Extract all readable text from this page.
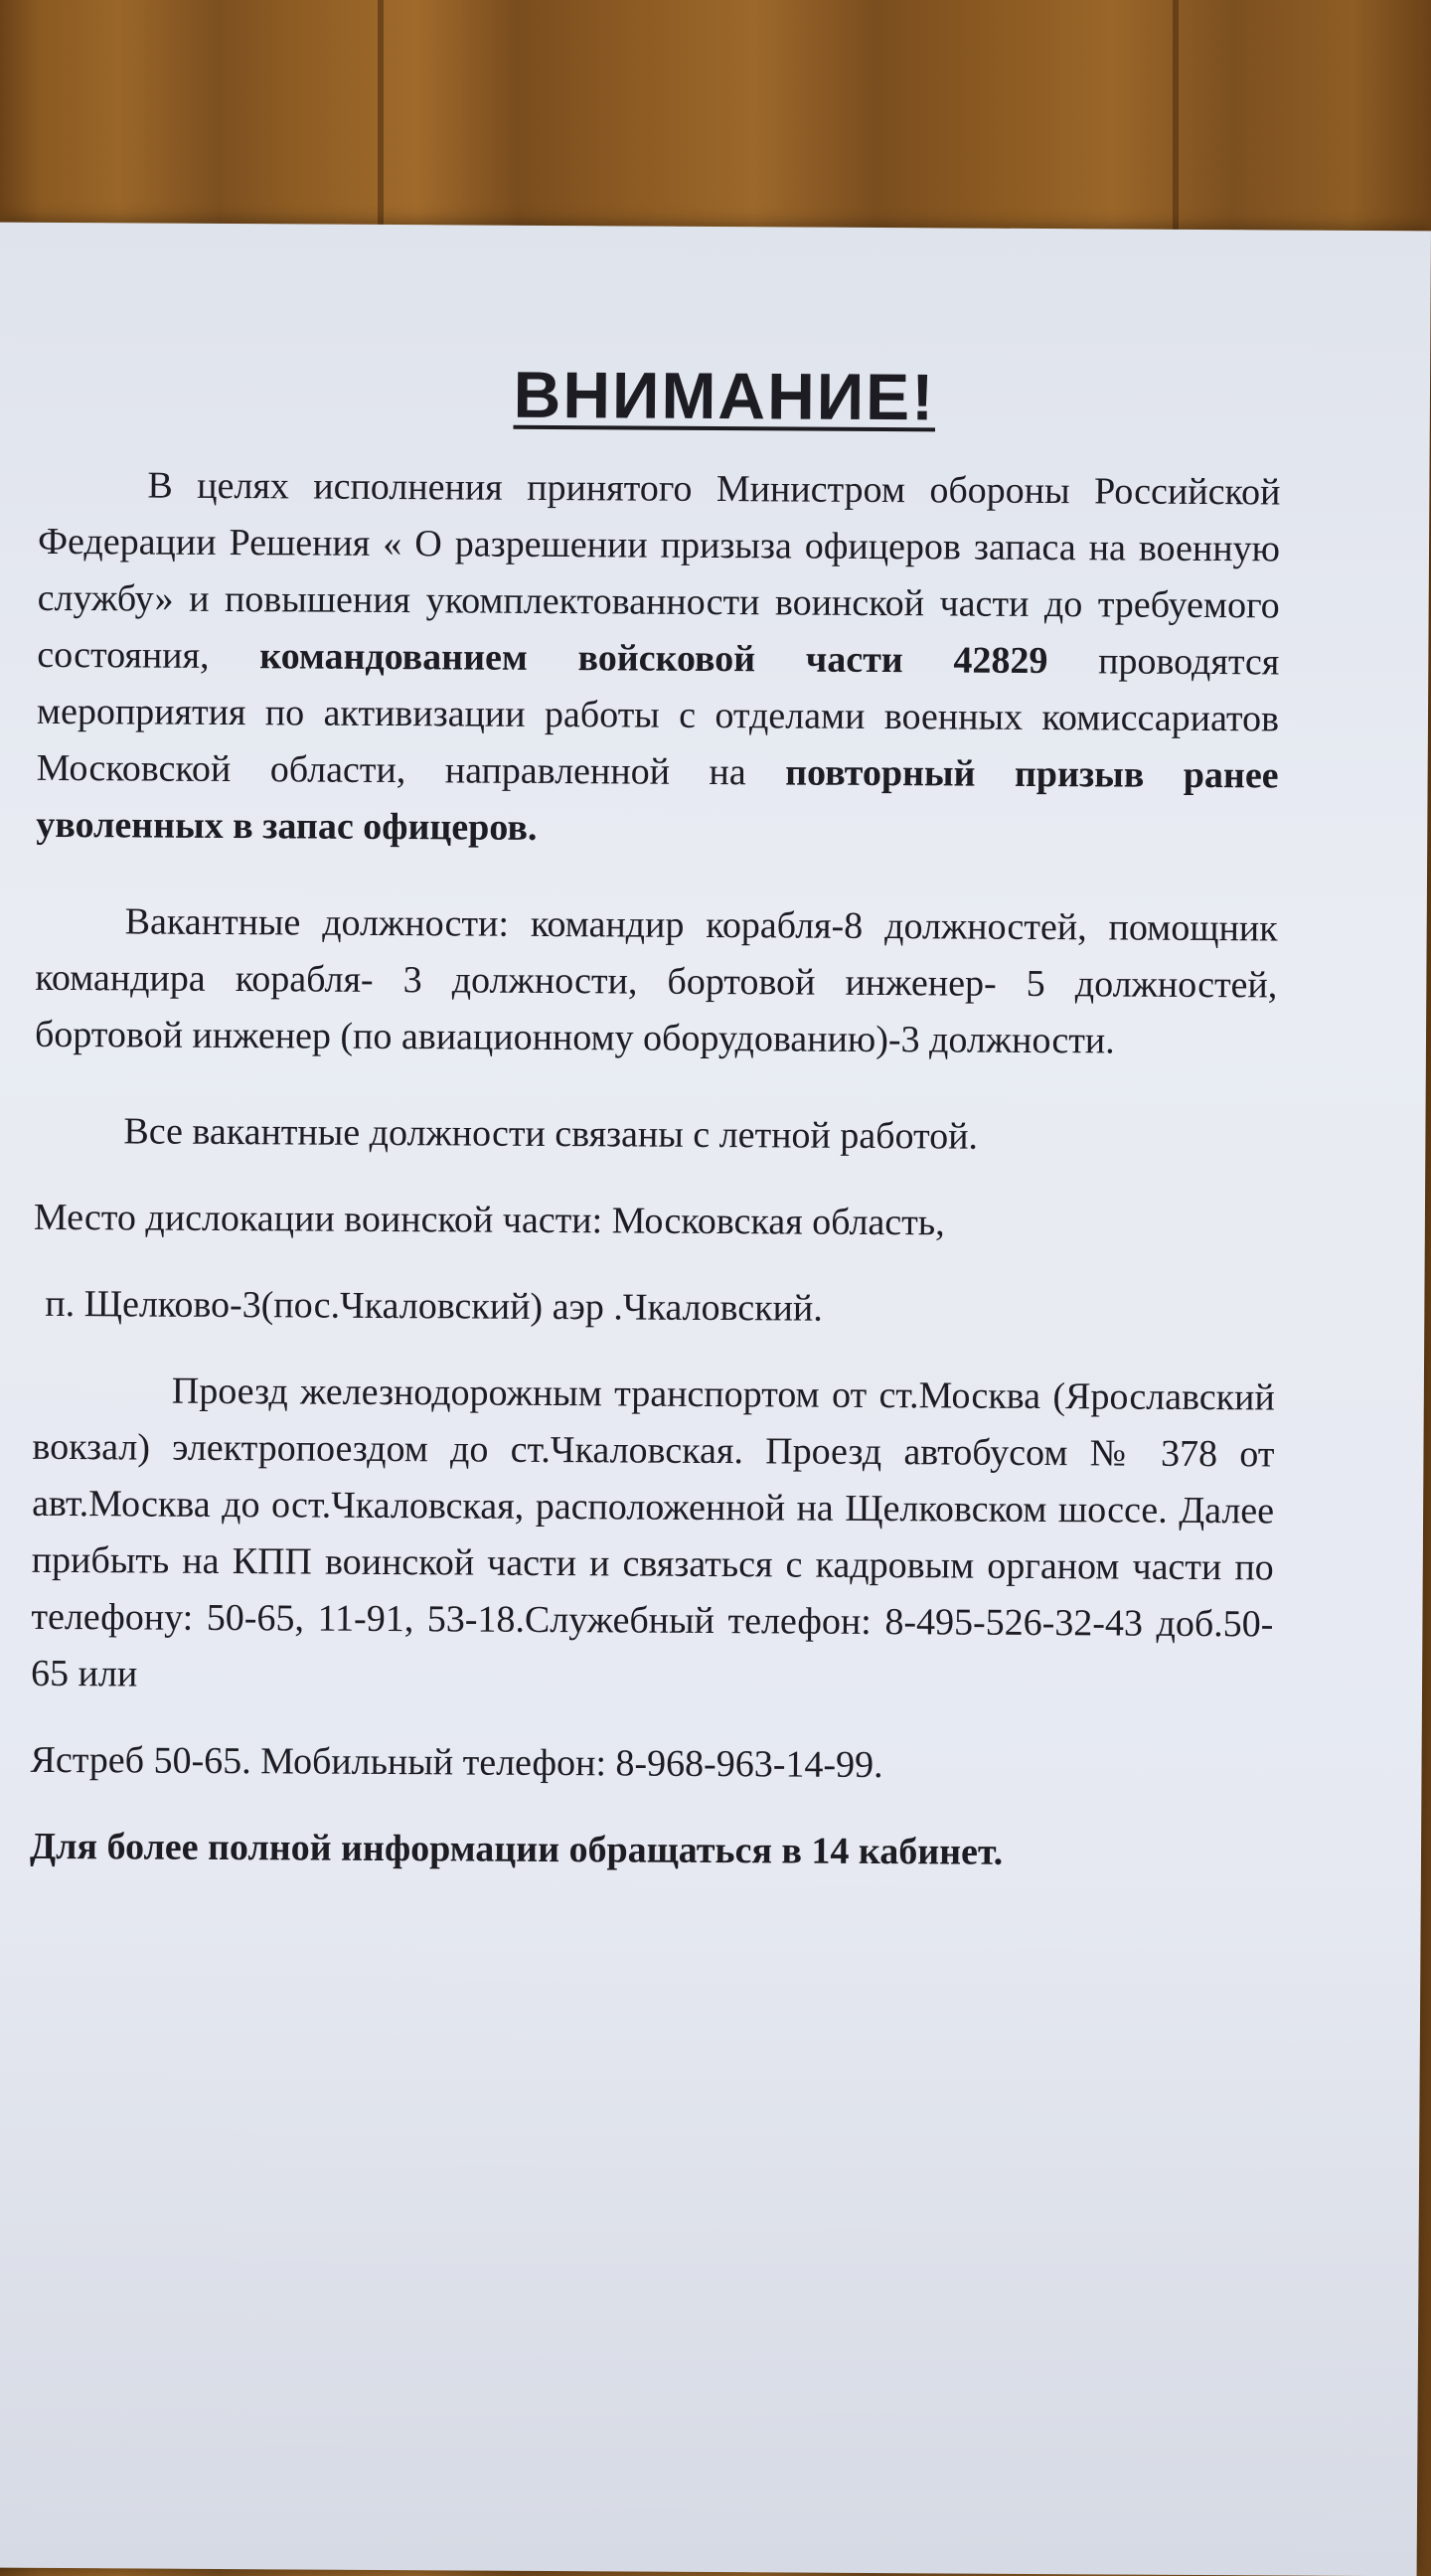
ВНИМАНИЕ!

В целях исполнения принятого Министром обороны Российской Федерации Решения « О разрешении призыза офицеров запаса на военную службу» и повышения укомплектованности воинской части до требуемого состояния, командованием войсковой части 42829 проводятся мероприятия по активизации работы с отделами военных комиссариатов Московской области, направленной на повторный призыв ранее уволенных в запас офицеров.

Вакантные должности: командир корабля-8 должностей, помощник командира корабля- 3 должности, бортовой инженер- 5 должностей, бортовой инженер (по авиационному оборудованию)-3 должности.

Все вакантные должности связаны с летной работой.

Место дислокации воинской части: Московская область,

п. Щелково-3(пос.Чкаловский) аэр .Чкаловский.

Проезд железнодорожным транспортом от ст.Москва (Ярославский вокзал) электропоездом до ст.Чкаловская. Проезд автобусом № 378 от авт.Москва до ост.Чкаловская, расположенной на Щелковском шоссе. Далее прибыть на КПП воинской части и связаться с кадровым органом части по телефону: 50-65, 11-91, 53-18.Служебный телефон: 8-495-526-32-43 доб.50-65 или

Ястреб 50-65. Мобильный телефон: 8-968-963-14-99.

Для более полной информации обращаться в 14 кабинет.
